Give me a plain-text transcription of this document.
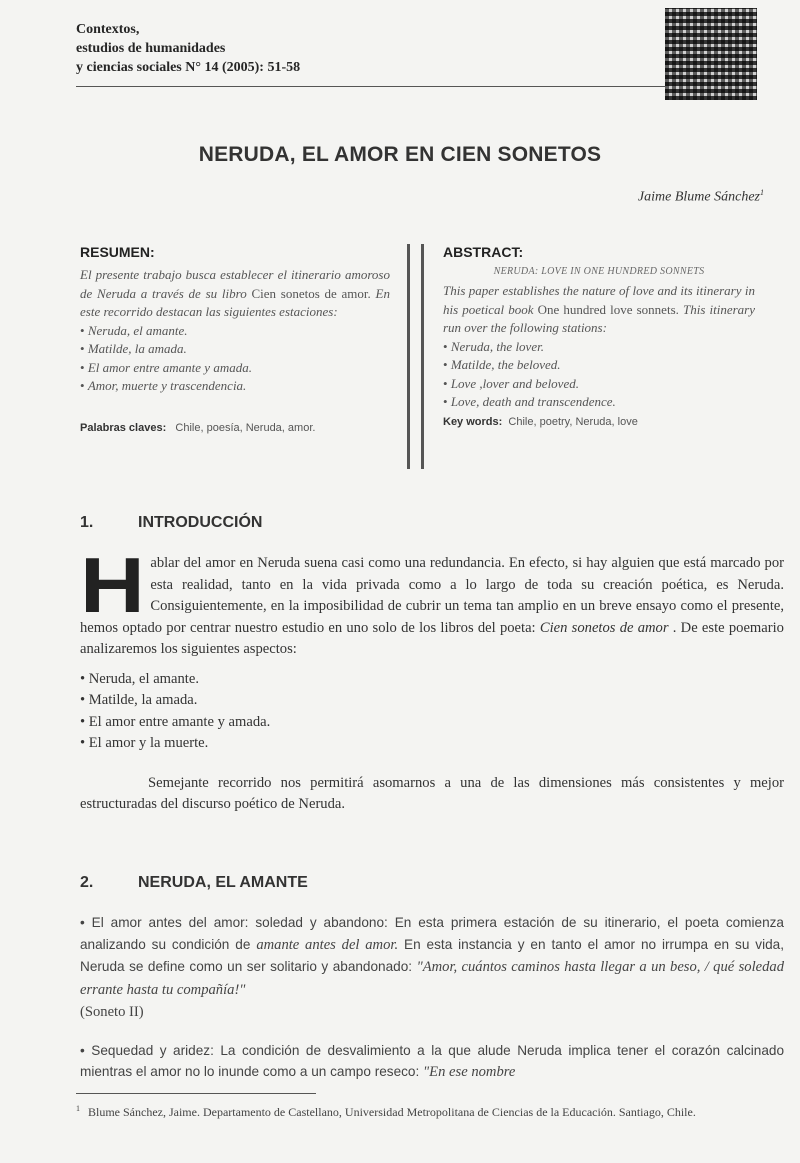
Contextos,
estudios de humanidades
y ciencias sociales N° 14 (2005): 51-58
NERUDA, EL AMOR EN CIEN SONETOS
Jaime Blume Sánchez$^1$
RESUMEN:
El presente trabajo busca establecer el itinerario amoroso de Neruda a través de su libro Cien sonetos de amor. En este recorrido destacan las siguientes estaciones:
• Neruda, el amante.
• Matilde, la amada.
• El amor entre amante y amada.
• Amor, muerte y trascendencia.
Palabras claves: Chile, poesía, Neruda, amor.
ABSTRACT:
NERUDA: LOVE IN ONE HUNDRED SONNETS
This paper establishes the nature of love and its itinerary in his poetical book One hundred love sonnets. This itinerary run over the following stations:
• Neruda, the lover.
• Matilde, the beloved.
• Love ,lover and beloved.
• Love, death and transcendence.
Key words: Chile, poetry, Neruda, love
1.	INTRODUCCIÓN
Hablar del amor en Neruda suena casi como una redundancia. En efecto, si hay alguien que está marcado por esta realidad, tanto en la vida privada como a lo largo de toda su creación poética, es Neruda. Consiguientemente, en la imposibilidad de cubrir un tema tan amplio en un breve ensayo como el presente, hemos optado por centrar nuestro estudio en uno solo de los libros del poeta: Cien sonetos de amor . De este poemario analizaremos los siguientes aspectos:
• Neruda, el amante.
• Matilde, la amada.
• El amor entre amante y amada.
• El amor y la muerte.
Semejante recorrido nos permitirá asomarnos a una de las dimensiones más consistentes y mejor estructuradas del discurso poético de Neruda.
2.	NERUDA, EL AMANTE
• El amor antes del amor: soledad y abandono: En esta primera estación de su itinerario, el poeta comienza analizando su condición de amante antes del amor. En esta instancia y en tanto el amor no irrumpa en su vida, Neruda se define como un ser solitario y abandonado: "Amor, cuántos caminos hasta llegar a un beso, / qué soledad errante hasta tu compañía!"
(Soneto II)
• Sequedad y aridez: La condición de desvalimiento a la que alude Neruda implica tener el corazón calcinado mientras el amor no lo inunde como a un campo reseco: "En ese nombre
$^1$ Blume Sánchez, Jaime. Departamento de Castellano, Universidad Metropolitana de Ciencias de la Educación. Santiago, Chile.
